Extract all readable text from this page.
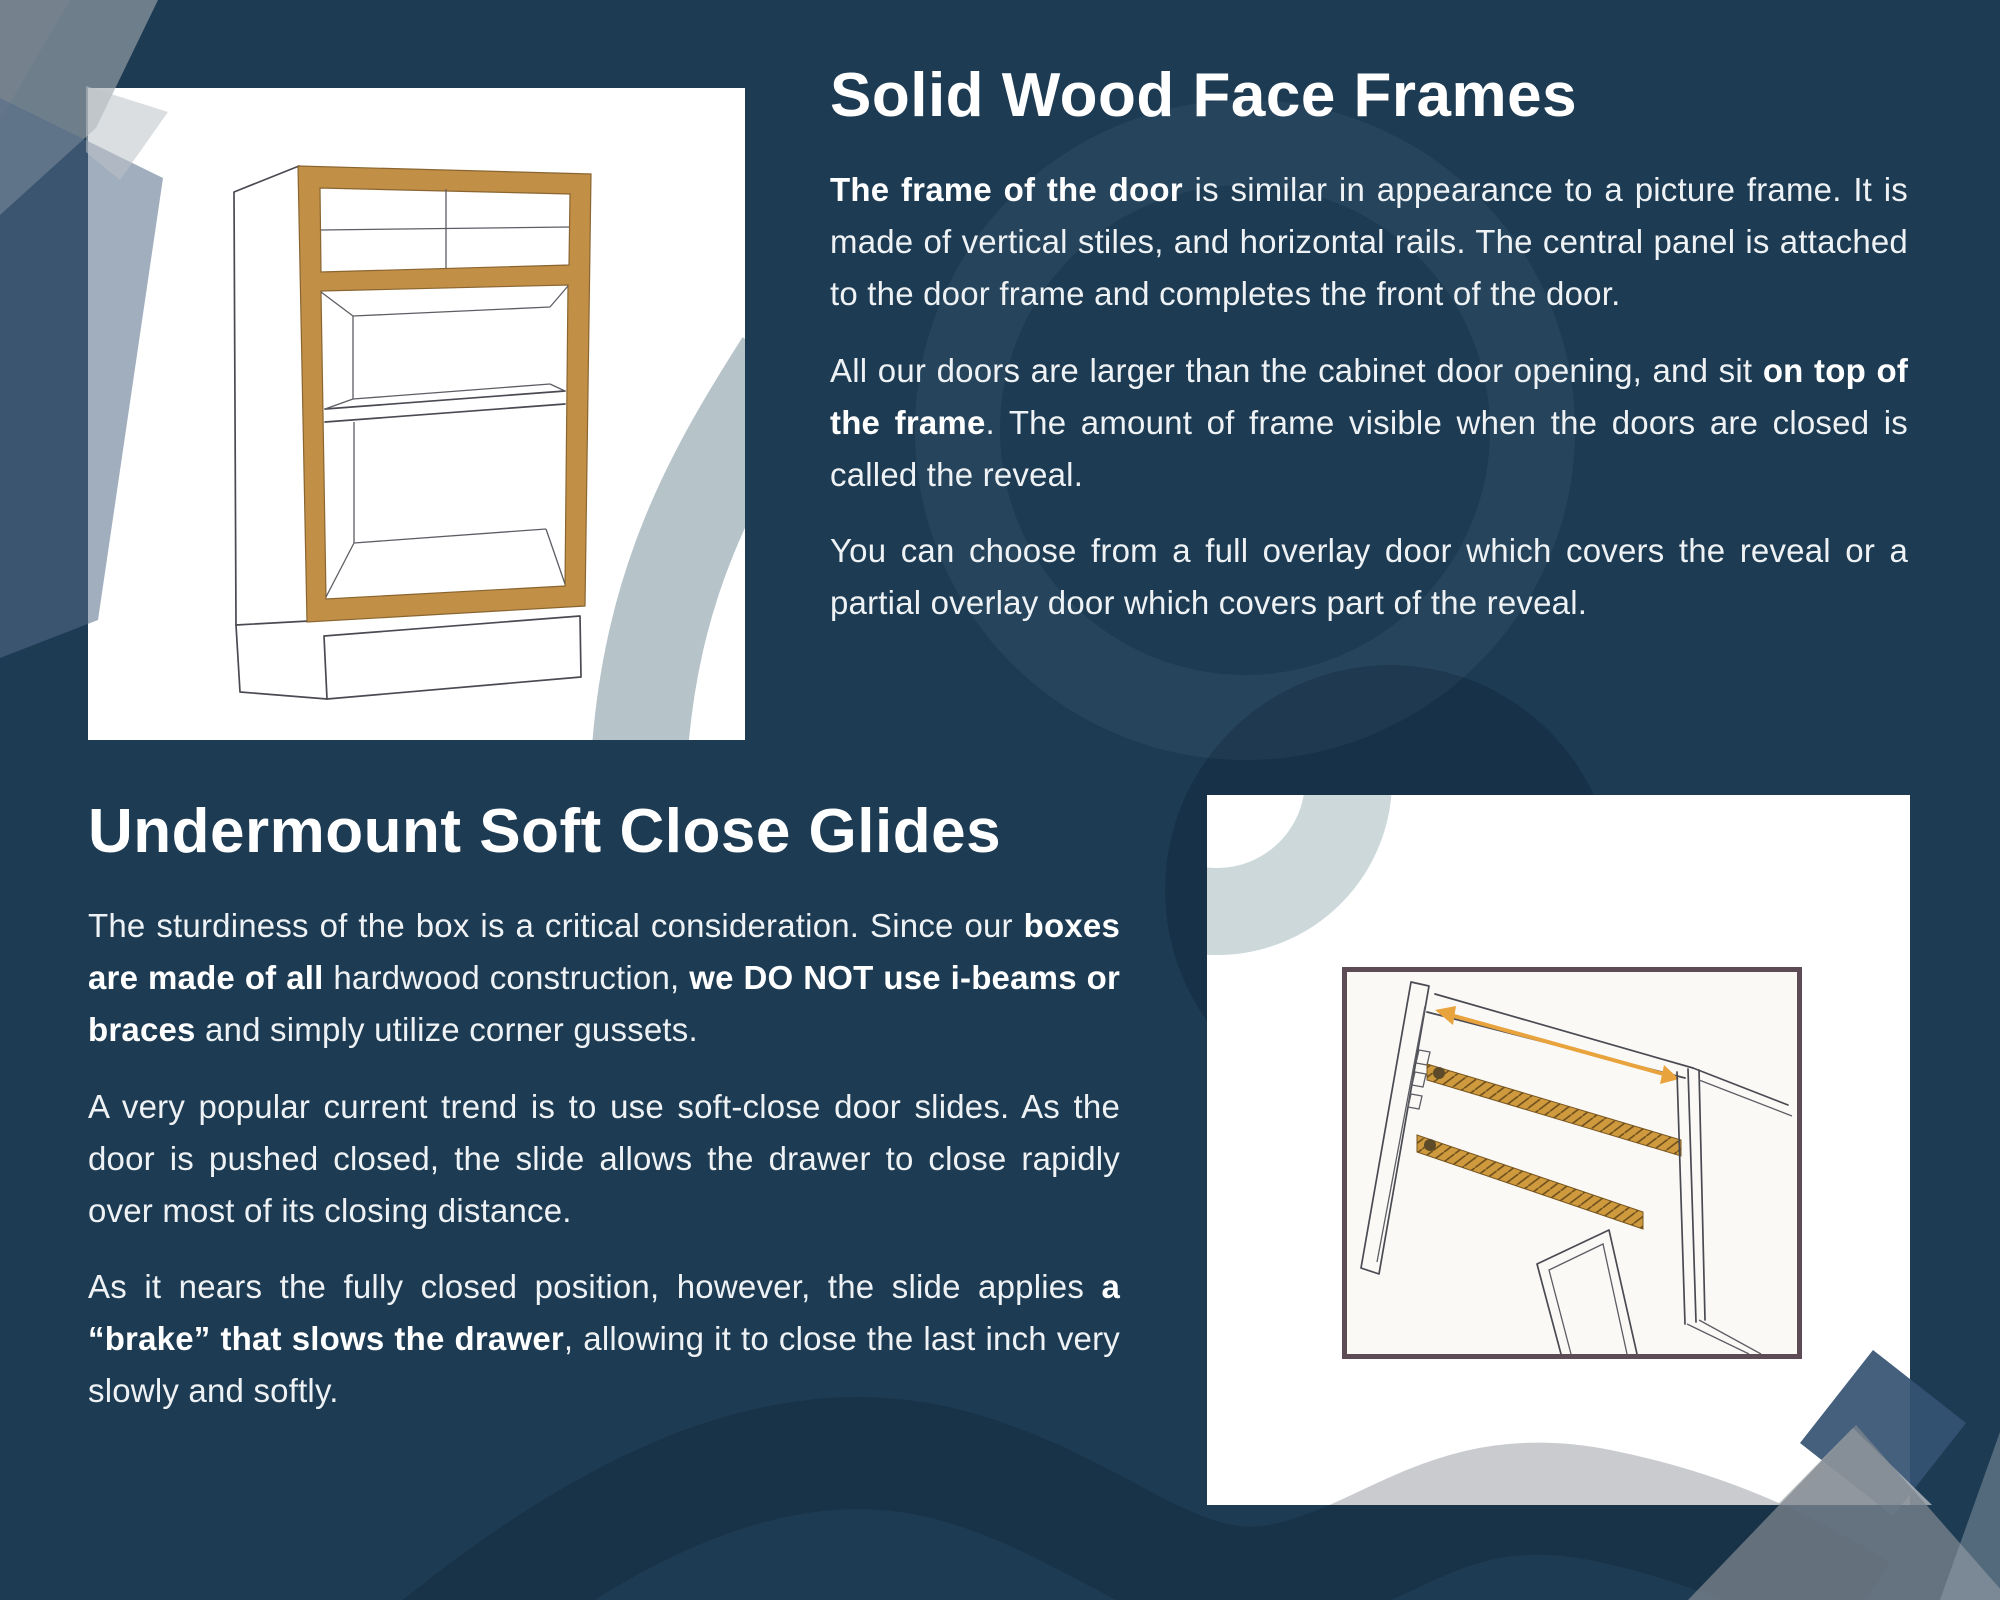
Solid Wood Face Frames

The frame of the door is similar in appearance to a picture frame. It is made of vertical stiles, and horizontal rails. The central panel is attached to the door frame and completes the front of the door.

All our doors are larger than the cabinet door opening, and sit on top of the frame. The amount of frame visible when the doors are closed is called the reveal.

You can choose from a full overlay door which covers the reveal or a partial overlay door which covers part of the reveal.

Undermount Soft Close Glides

The sturdiness of the box is a critical consideration. Since our boxes are made of all hardwood construction, we DO NOT use i-beams or braces and simply utilize corner gussets.

A very popular current trend is to use soft-close door slides. As the door is pushed closed, the slide allows the drawer to close rapidly over most of its closing distance.

As it nears the fully closed position, however, the slide applies a “brake” that slows the drawer, allowing it to close the last inch very slowly and softly.
